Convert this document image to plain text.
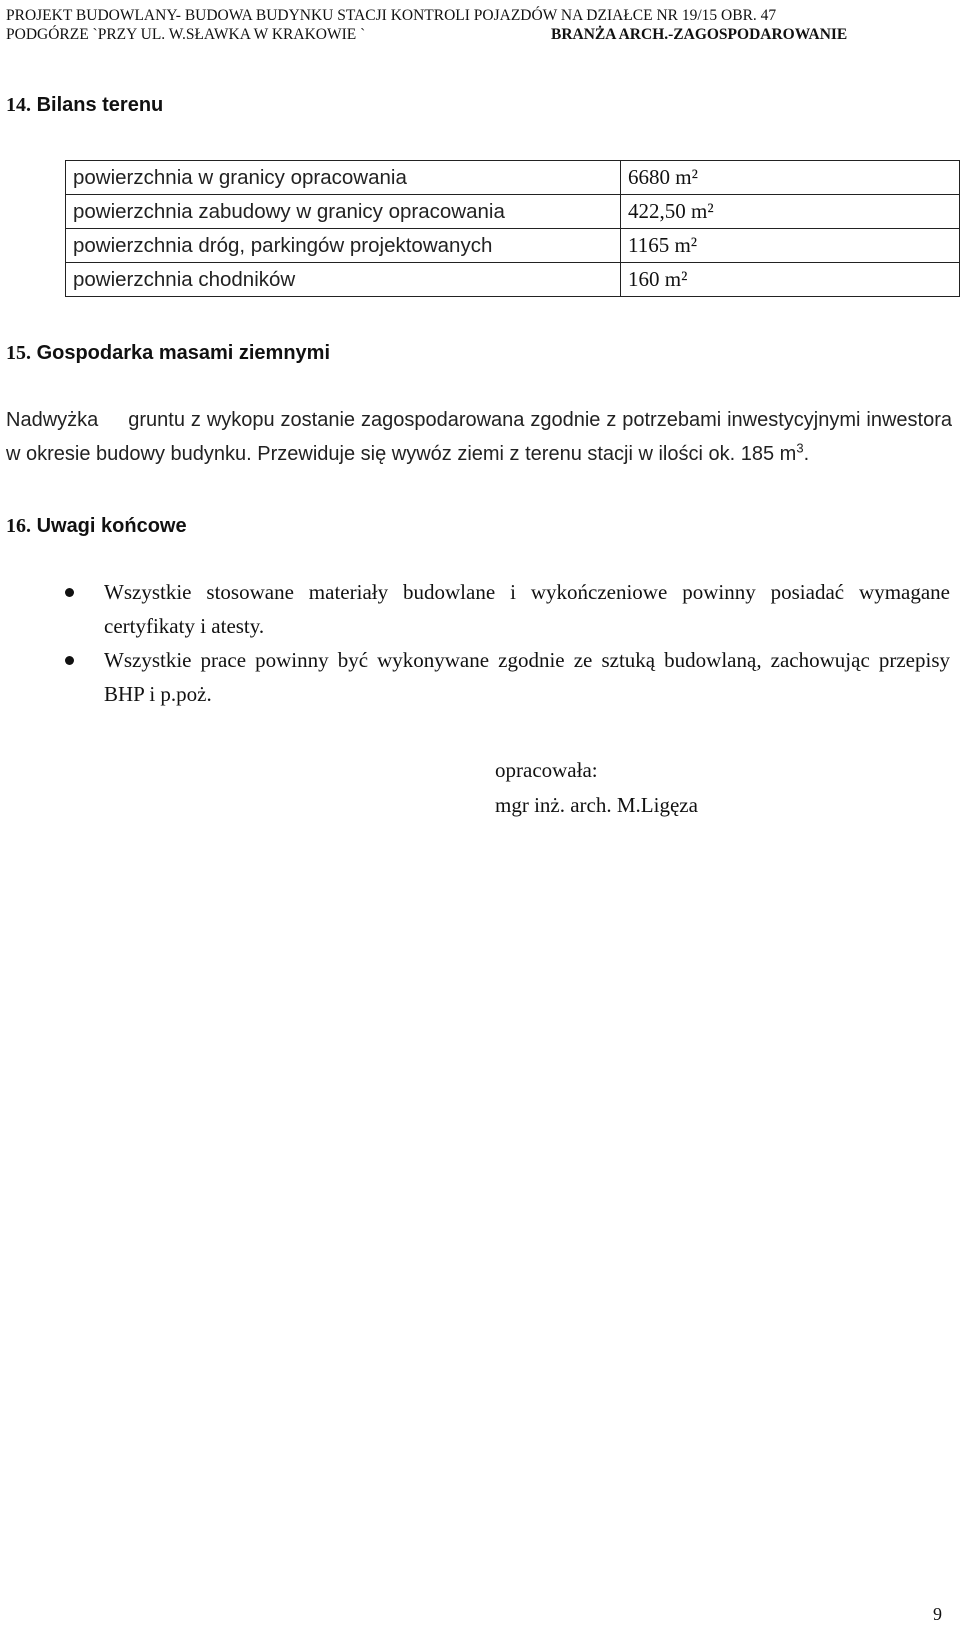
PROJEKT BUDOWLANY- BUDOWA BUDYNKU STACJI KONTROLI POJAZDÓW NA DZIAŁCE NR 19/15 OBR. 47
PODGÓRZE `PRZY UL. W.SŁAWKA W KRAKOWIE `	BRANŻA ARCH.-ZAGOSPODAROWANIE
14. Bilans terenu
powierzchnia w granicy opracowania	6680 m²
powierzchnia zabudowy w granicy opracowania	422,50 m²
powierzchnia dróg, parkingów projektowanych	1165 m²
powierzchnia chodników	160 m²
15. Gospodarka masami ziemnymi

Nadwyżka gruntu z wykopu zostanie zagospodarowana zgodnie z potrzebami inwestycyjnymi inwestora w okresie budowy budynku. Przewiduje się wywóz ziemi z terenu stacji w ilości ok. 185 $m^3$.

16. Uwagi końcowe
Wszystkie stosowane materiały budowlane i wykończeniowe powinny posiadać wymagane certyfikaty i atesty.
Wszystkie prace powinny być wykonywane zgodnie ze sztuką budowlaną, zachowując przepisy BHP i p.poż.
opracowała:
mgr inż. arch. M.Ligęza
9
